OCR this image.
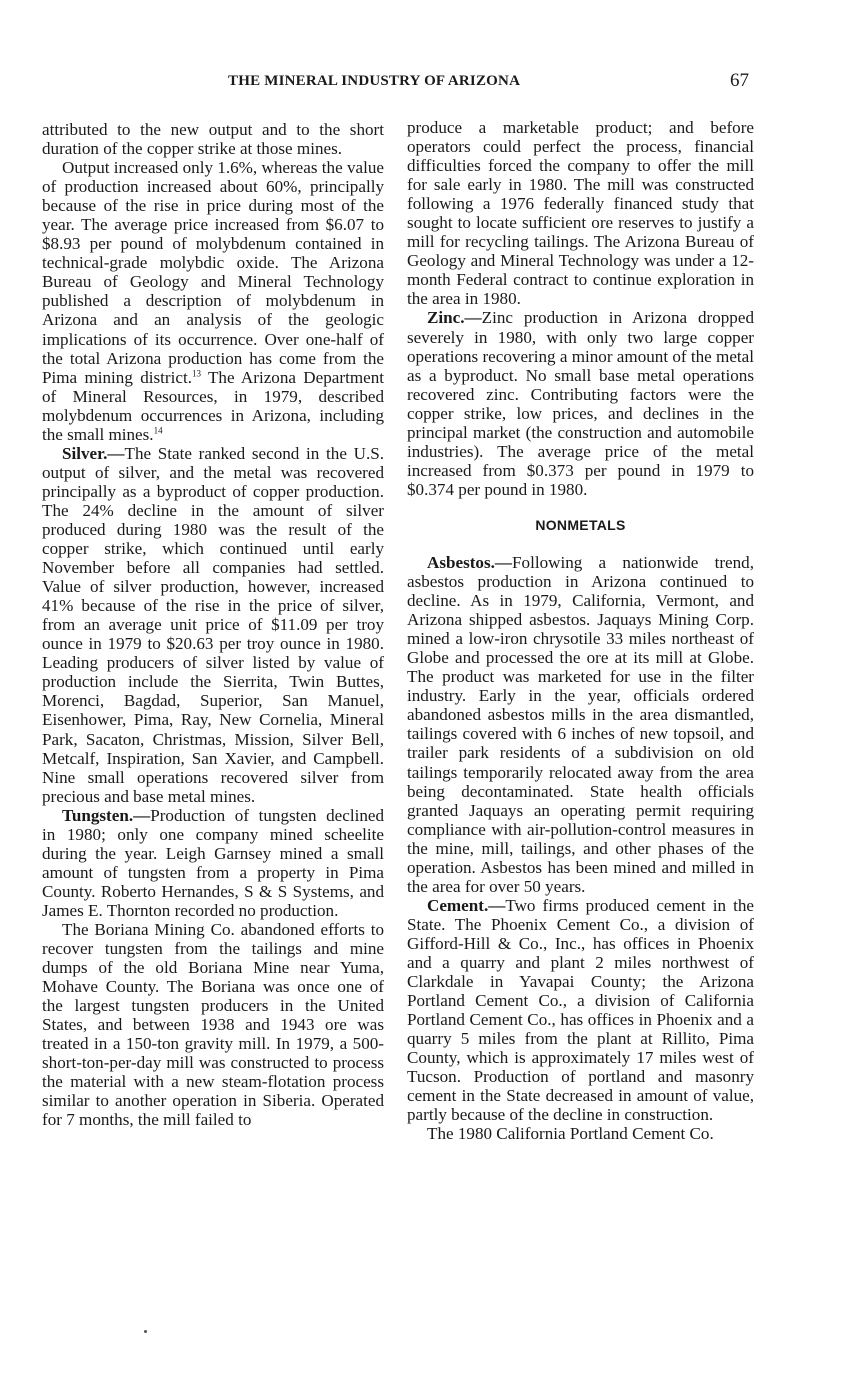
THE MINERAL INDUSTRY OF ARIZONA	67

attributed to the new output and to the short duration of the copper strike at those mines.

Output increased only 1.6%, whereas the value of production increased about 60%, principally because of the rise in price during most of the year. The average price increased from $6.07 to $8.93 per pound of molybdenum contained in technical-grade molybdic oxide. The Arizona Bureau of Geology and Mineral Technology published a description of molybdenum in Arizona and an analysis of the geologic implications of its occurrence. Over one-half of the total Arizona production has come from the Pima mining district.$^{13}$ The Arizona Department of Mineral Resources, in 1979, described molybdenum occurrences in Arizona, including the small mines.$^{14}$

Silver.—The State ranked second in the U.S. output of silver, and the metal was recovered principally as a byproduct of copper production. The 24% decline in the amount of silver produced during 1980 was the result of the copper strike, which continued until early November before all companies had settled. Value of silver production, however, increased 41% because of the rise in the price of silver, from an average unit price of $11.09 per troy ounce in 1979 to $20.63 per troy ounce in 1980. Leading producers of silver listed by value of production include the Sierrita, Twin Buttes, Morenci, Bagdad, Superior, San Manuel, Eisenhower, Pima, Ray, New Cornelia, Mineral Park, Sacaton, Christmas, Mission, Silver Bell, Metcalf, Inspiration, San Xavier, and Campbell. Nine small operations recovered silver from precious and base metal mines.

Tungsten.—Production of tungsten declined in 1980; only one company mined scheelite during the year. Leigh Garnsey mined a small amount of tungsten from a property in Pima County. Roberto Hernandes, S & S Systems, and James E. Thornton recorded no production.

The Boriana Mining Co. abandoned efforts to recover tungsten from the tailings and mine dumps of the old Boriana Mine near Yuma, Mohave County. The Boriana was once one of the largest tungsten producers in the United States, and between 1938 and 1943 ore was treated in a 150-ton gravity mill. In 1979, a 500-short-ton-per-day mill was constructed to process the material with a new steam-flotation process similar to another operation in Siberia. Operated for 7 months, the mill failed to

produce a marketable product; and before operators could perfect the process, financial difficulties forced the company to offer the mill for sale early in 1980. The mill was constructed following a 1976 federally financed study that sought to locate sufficient ore reserves to justify a mill for recycling tailings. The Arizona Bureau of Geology and Mineral Technology was under a 12-month Federal contract to continue exploration in the area in 1980.

Zinc.—Zinc production in Arizona dropped severely in 1980, with only two large copper operations recovering a minor amount of the metal as a byproduct. No small base metal operations recovered zinc. Contributing factors were the copper strike, low prices, and declines in the principal market (the construction and automobile industries). The average price of the metal increased from $0.373 per pound in 1979 to $0.374 per pound in 1980.

NONMETALS

Asbestos.—Following a nationwide trend, asbestos production in Arizona continued to decline. As in 1979, California, Vermont, and Arizona shipped asbestos. Jaquays Mining Corp. mined a low-iron chrysotile 33 miles northeast of Globe and processed the ore at its mill at Globe. The product was marketed for use in the filter industry. Early in the year, officials ordered abandoned asbestos mills in the area dismantled, tailings covered with 6 inches of new topsoil, and trailer park residents of a subdivision on old tailings temporarily relocated away from the area being decontaminated. State health officials granted Jaquays an operating permit requiring compliance with air-pollution-control measures in the mine, mill, tailings, and other phases of the operation. Asbestos has been mined and milled in the area for over 50 years.

Cement.—Two firms produced cement in the State. The Phoenix Cement Co., a division of Gifford-Hill & Co., Inc., has offices in Phoenix and a quarry and plant 2 miles northwest of Clarkdale in Yavapai County; the Arizona Portland Cement Co., a division of California Portland Cement Co., has offices in Phoenix and a quarry 5 miles from the plant at Rillito, Pima County, which is approximately 17 miles west of Tucson. Production of portland and masonry cement in the State decreased in amount of value, partly because of the decline in construction.

The 1980 California Portland Cement Co.
